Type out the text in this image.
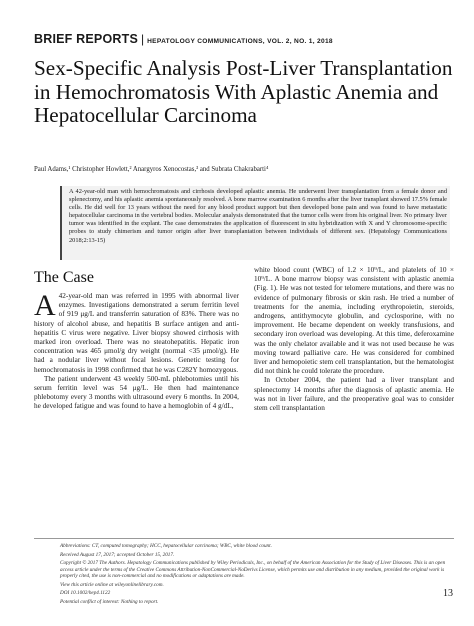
BRIEF REPORTS | HEPATOLOGY COMMUNICATIONS, VOL. 2, NO. 1, 2018
Sex-Specific Analysis Post-Liver Transplantation in Hemochromatosis With Aplastic Anemia and Hepatocellular Carcinoma
Paul Adams,¹ Christopher Howlett,² Anargyros Xenocostas,³ and Subrata Chakrabarti⁴
A 42-year-old man with hemochromatosis and cirrhosis developed aplastic anemia. He underwent liver transplantation from a female donor and splenectomy, and his aplastic anemia spontaneously resolved. A bone marrow examination 6 months after the liver transplant showed 17.5% female cells. He did well for 13 years without the need for any blood product support but then developed bone pain and was found to have metastatic hepatocellular carcinoma in the vertebral bodies. Molecular analysis demonstrated that the tumor cells were from his original liver. No primary liver tumor was identified in the explant. The case demonstrates the application of fluorescent in situ hybridization with X and Y chromosome-specific probes to study chimerism and tumor origin after liver transplantation between individuals of different sex. (Hepatology Communications 2018;2:13-15)
The Case

A 42-year-old man was referred in 1995 with abnormal liver enzymes. Investigations demonstrated a serum ferritin level of 919 μg/L and transferrin saturation of 83%. There was no history of alcohol abuse, and hepatitis B surface antigen and anti-hepatitis C virus were negative. Liver biopsy showed cirrhosis with marked iron overload. There was no steatohepatitis. Hepatic iron concentration was 465 μmol/g dry weight (normal <35 μmol/g). He had a nodular liver without focal lesions. Genetic testing for hemochromatosis in 1998 confirmed that he was C282Y homozygous.

The patient underwent 43 weekly 500-mL phlebotomies until his serum ferritin level was 54 μg/L. He then had maintenance phlebotomy every 3 months with ultrasound every 6 months. In 2004, he developed fatigue and was found to have a hemoglobin of 4 g/dL,

white blood count (WBC) of 1.2 × 10⁹/L, and platelets of 10 × 10⁹/L. A bone marrow biopsy was consistent with aplastic anemia (Fig. 1). He was not tested for telomere mutations, and there was no evidence of pulmonary fibrosis or skin rash. He tried a number of treatments for the anemia, including erythropoietin, steroids, androgens, antithymocyte globulin, and cyclosporine, with no improvement. He became dependent on weekly transfusions, and secondary iron overload was developing. At this time, deferoxamine was the only chelator available and it was not used because he was moving toward palliative care. He was considered for combined liver and hemopoietic stem cell transplantation, but the hematologist did not think he could tolerate the procedure.

In October 2004, the patient had a liver transplant and splenectomy 14 months after the diagnosis of aplastic anemia. He was not in liver failure, and the preoperative goal was to consider stem cell transplantation

Abbreviations: CT, computed tomography; HCC, hepatocellular carcinoma; WBC, white blood count.

Received August 17, 2017; accepted October 15, 2017.

Copyright © 2017 The Authors. Hepatology Communications published by Wiley Periodicals, Inc., on behalf of the American Association for the Study of Liver Diseases. This is an open access article under the terms of the Creative Commons Attribution-NonCommercial-NoDerivs License, which permits use and distribution in any medium, provided the original work is properly cited, the use is non-commercial and no modifications or adaptations are made.

View this article online at wileyonlinelibrary.com.

DOI 10.1002/hep4.1122

Potential conflict of interest: Nothing to report.

13
